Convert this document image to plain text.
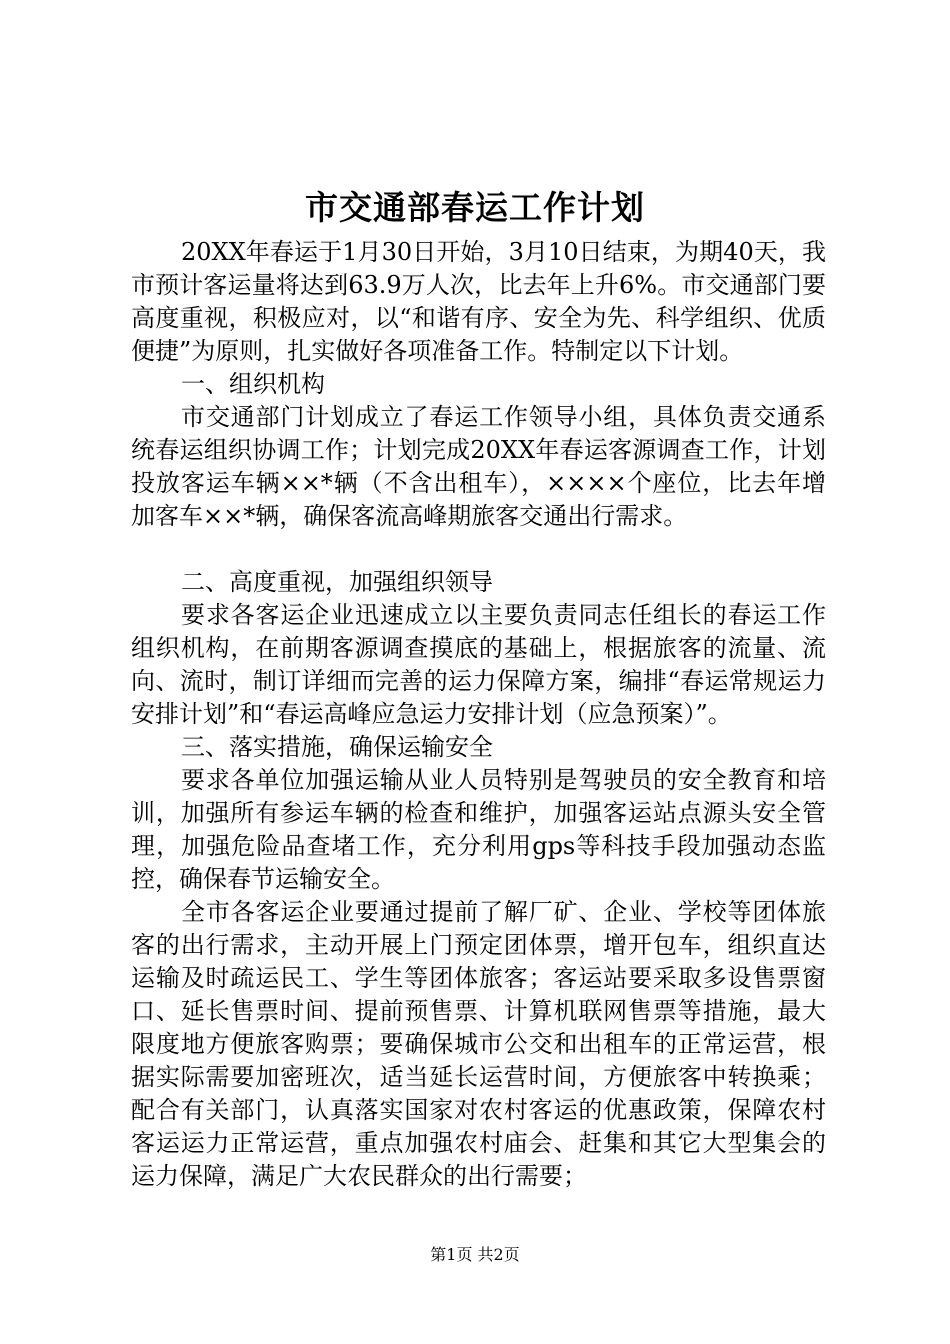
市交通部春运工作计划

20XX年春运于1月30日开始，3月10日结束，为期40天，我市预计客运量将达到63.9万人次，比去年上升6%。市交通部门要高度重视，积极应对，以“和谐有序、安全为先、科学组织、优质便捷”为原则，扎实做好各项准备工作。特制定以下计划。

一、组织机构

市交通部门计划成立了春运工作领导小组，具体负责交通系统春运组织协调工作；计划完成20XX年春运客源调查工作，计划投放客运车辆××*辆（不含出租车），××××个座位，比去年增加客车××*辆，确保客流高峰期旅客交通出行需求。

二、高度重视，加强组织领导

要求各客运企业迅速成立以主要负责同志任组长的春运工作组织机构，在前期客源调查摸底的基础上，根据旅客的流量、流向、流时，制订详细而完善的运力保障方案，编排“春运常规运力安排计划”和“春运高峰应急运力安排计划（应急预案）”。

三、落实措施，确保运输安全

要求各单位加强运输从业人员特别是驾驶员的安全教育和培训，加强所有参运车辆的检查和维护，加强客运站点源头安全管理，加强危险品查堵工作，充分利用gps等科技手段加强动态监控，确保春节运输安全。

全市各客运企业要通过提前了解厂矿、企业、学校等团体旅客的出行需求，主动开展上门预定团体票，增开包车，组织直达运输及时疏运民工、学生等团体旅客；客运站要采取多设售票窗口、延长售票时间、提前预售票、计算机联网售票等措施，最大限度地方便旅客购票；要确保城市公交和出租车的正常运营，根据实际需要加密班次，适当延长运营时间，方便旅客中转换乘；配合有关部门，认真落实国家对农村客运的优惠政策，保障农村客运运力正常运营，重点加强农村庙会、赶集和其它大型集会的运力保障，满足广大农民群众的出行需要；

第1页 共2页
